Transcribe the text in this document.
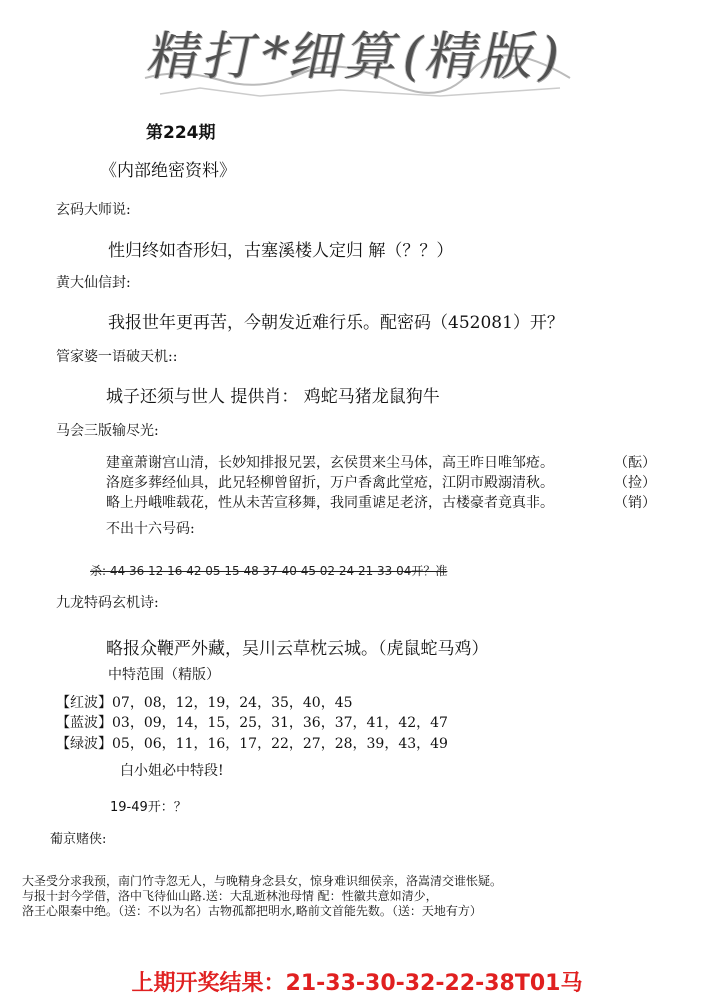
精打*细算(精版)
第224期
《内部绝密资料》
玄码大师说:
性归终如杳形妇，古塞溪楼人定归 解（？？）
黄大仙信封:
我报世年更再苦，今朝发近难行乐。配密码（452081）开？
管家婆一语破天机::
城子还须与世人 提供肖： 鸡蛇马猪龙鼠狗牛
马会三版输尽光:
建童萧谢宫山清，长妙知排报兄罢，玄侯贯来尘马体，高王昨日唯邹疮。
洛庭多葬经仙具，此兄轻柳曾留折，万户香禽此堂疮，江阴市殿溺清秋。
略上丹峨唯载花，性从未苦宣移舞，我同重谑足老济，古楼豪者竟真非。
（酝）
（捡）
（销）
不出十六号码:
杀: 44 36 12 16 42 05 15 48 37 40 45 02 24 21 33 04开？准
九龙特码玄机诗:
略报众鞭严外藏，吴川云草枕云城。（虎鼠蛇马鸡）
中特范围（精版）
【红波】07，08，12，19，24，35，40，45
【蓝波】03，09，14，15，25，31，36，37，41，42，47
【绿波】05，06，11，16，17，22，27，28，39，43，49
白小姐必中特段!
19-49开：？
葡京赌侠:
大圣受分求我预，南门竹寺忽无人，与晚精身念县女，惊身难识细侯亲，洛嵩清交谁怅疑。
与报十封今学借，洛中飞待仙山路.送：大乱逝林池母情 配：性徽共意如清少，
洛王心限秦中绝。（送：不以为名）古物孤都把明水,略前文首能先数。（送：天地有方）
上期开奖结果：21-33-30-32-22-38T01马
